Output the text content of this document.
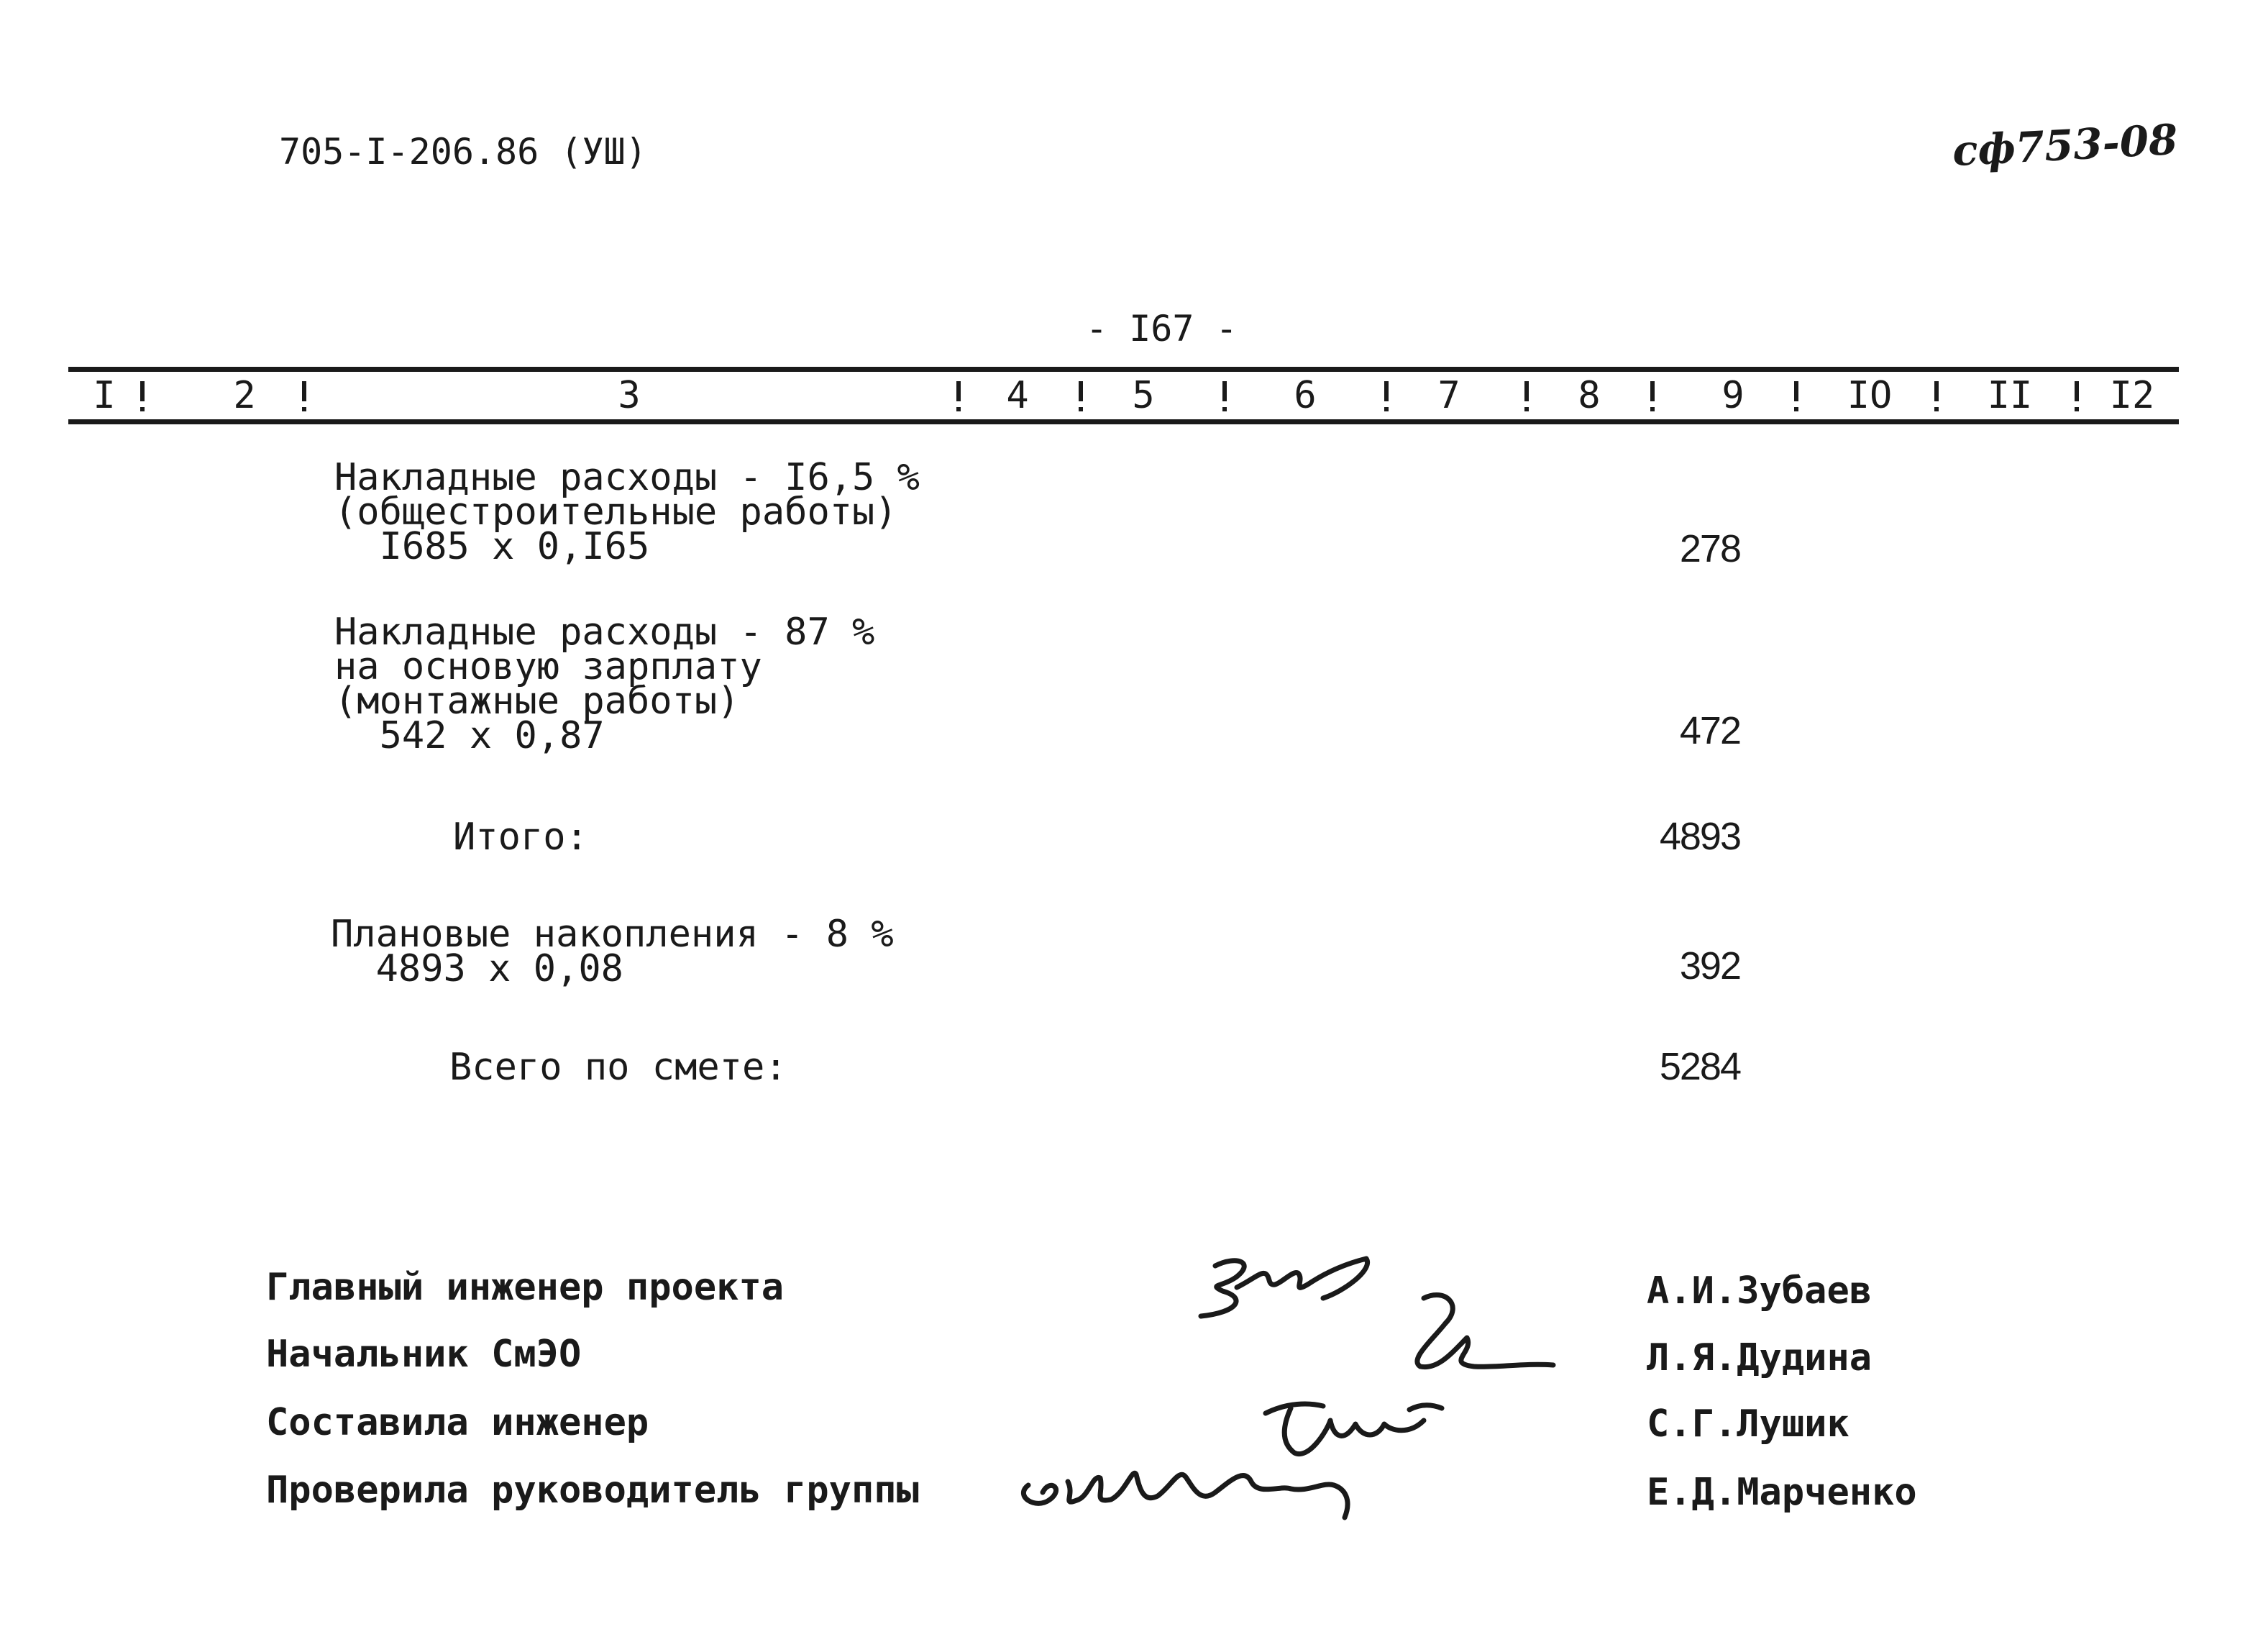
705-I-206.86 (УШ)	сф753-08
- I67 -
I	2	3	4	5	6	7	8	9	IO	II I2
Накладные расходы - I6,5 %
(общестроительные работы)
I685 x 0,I65	278
Накладные расходы - 87 %
на основую зарплату
(монтажные работы)
542 x 0,87	472
Итого:	4893
Плановые накопления - 8 %
4893 x 0,08	392
Всего по смете:	5284
Главный инженер проекта
Начальник СмЭО
Составила инженер
Проверила руководитель группы
А.И.Зубаев
Л.Я.Дудина
С.Г.Лушик
Е.Д.Марченко
